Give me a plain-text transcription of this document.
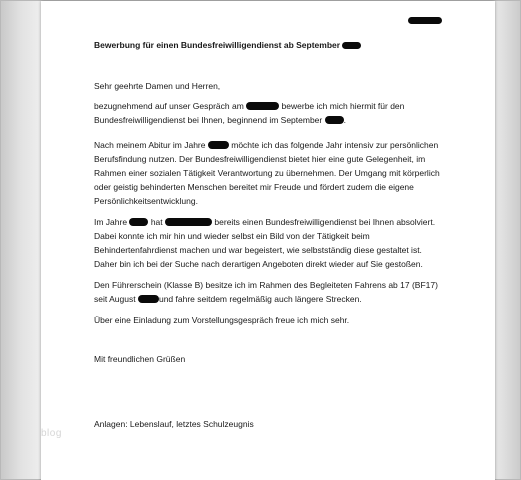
Bewerbung für einen Bundesfreiwilligendienst ab September
Sehr geehrte Damen und Herren,
bezugnehmend auf unser Gespräch am	bewerbe ich mich hiermit für den
Bundesfreiwilligendienst bei Ihnen, beginnend im September	.
Nach meinem Abitur im Jahre	möchte ich das folgende Jahr intensiv zur persönlichen
Berufsfindung nutzen. Der Bundesfreiwilligendienst bietet hier eine gute Gelegenheit, im
Rahmen einer sozialen Tätigkeit Verantwortung zu übernehmen. Der Umgang mit körperlich
oder geistig behinderten Menschen bereitet mir Freude und fördert zudem die eigene
Persönlichkeitsentwicklung.
Im Jahre	hat	bereits einen Bundesfreiwilligendienst bei Ihnen absolviert.
Dabei konnte ich mir hin und wieder selbst ein Bild von der Tätigkeit beim
Behindertenfahrdienst machen und war begeistert, wie selbstständig diese gestaltet ist.
Daher bin ich bei der Suche nach derartigen Angeboten direkt wieder auf Sie gestoßen.
Den Führerschein (Klasse B) besitze ich im Rahmen des Begleiteten Fahrens ab 17 (BF17)
seit August	und fahre seitdem regelmäßig auch längere Strecken.
Über eine Einladung zum Vorstellungsgespräch freue ich mich sehr.
Mit freundlichen Grüßen
Anlagen: Lebenslauf, letztes Schulzeugnis
blog
